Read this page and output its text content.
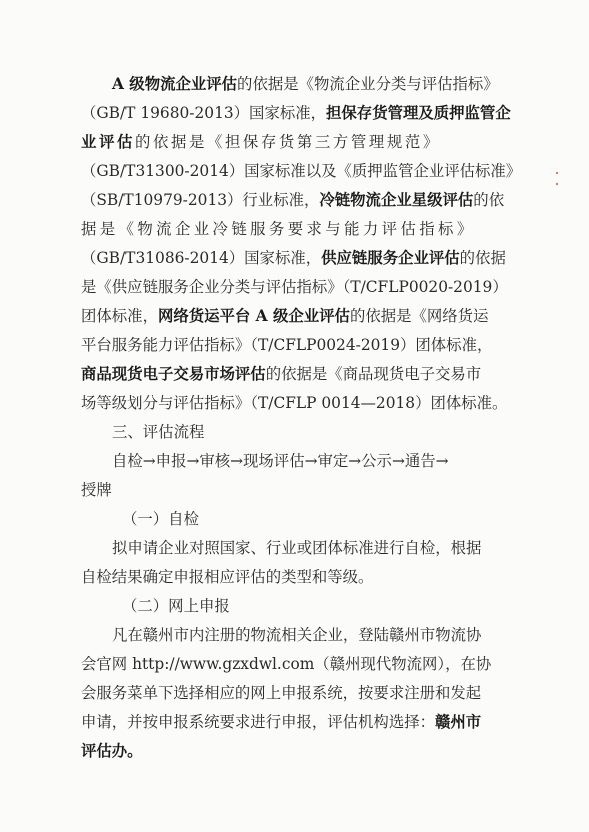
A 级物流企业评估的依据是《物流企业分类与评估指标》
（GB/T 19680-2013）国家标准，担保存货管理及质押监管企
业评估的依据是《担保存货第三方管理规范》
（GB/T31300-2014）国家标准以及《质押监管企业评估标准》
（SB/T10979-2013）行业标准，冷链物流企业星级评估的依
据是《物流企业冷链服务要求与能力评估指标》
（GB/T31086-2014）国家标准，供应链服务企业评估的依据
是《供应链服务企业分类与评估指标》（T/CFLP0020-2019）
团体标准，网络货运平台 A 级企业评估的依据是《网络货运
平台服务能力评估指标》（T/CFLP0024-2019）团体标准，
商品现货电子交易市场评估的依据是《商品现货电子交易市
场等级划分与评估指标》（T/CFLP 0014—2018）团体标准。
三、评估流程
自检→申报→审核→现场评估→审定→公示→通告→
授牌
（一）自检
拟申请企业对照国家、行业或团体标准进行自检，根据
自检结果确定申报相应评估的类型和等级。
（二）网上申报
凡在赣州市内注册的物流相关企业，登陆赣州市物流协
会官网 http://www.gzxdwl.com（赣州现代物流网），在协
会服务菜单下选择相应的网上申报系统，按要求注册和发起
申请，并按申报系统要求进行申报，评估机构选择：赣州市
评估办。
